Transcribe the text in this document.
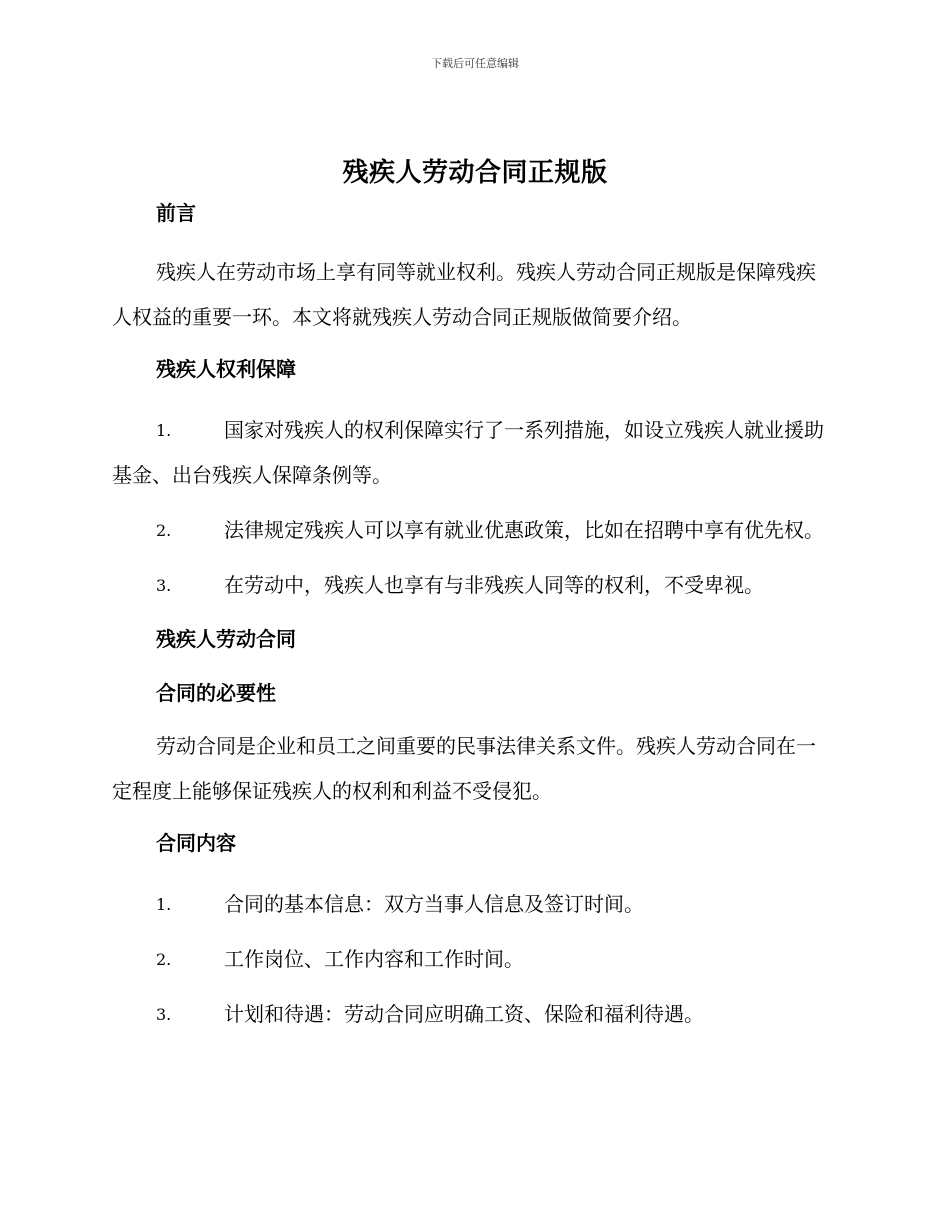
下载后可任意编辑
残疾人劳动合同正规版
前言
残疾人在劳动市场上享有同等就业权利。残疾人劳动合同正规版是保障残疾人权益的重要一环。本文将就残疾人劳动合同正规版做简要介绍。
残疾人权利保障
1.	国家对残疾人的权利保障实行了一系列措施，如设立残疾人就业援助基金、出台残疾人保障条例等。
2.	法律规定残疾人可以享有就业优惠政策，比如在招聘中享有优先权。
3.	在劳动中，残疾人也享有与非残疾人同等的权利，不受卑视。
残疾人劳动合同
合同的必要性
劳动合同是企业和员工之间重要的民事法律关系文件。残疾人劳动合同在一定程度上能够保证残疾人的权利和利益不受侵犯。
合同内容
1.	合同的基本信息：双方当事人信息及签订时间。
2.	工作岗位、工作内容和工作时间。
3.	计划和待遇：劳动合同应明确工资、保险和福利待遇。
